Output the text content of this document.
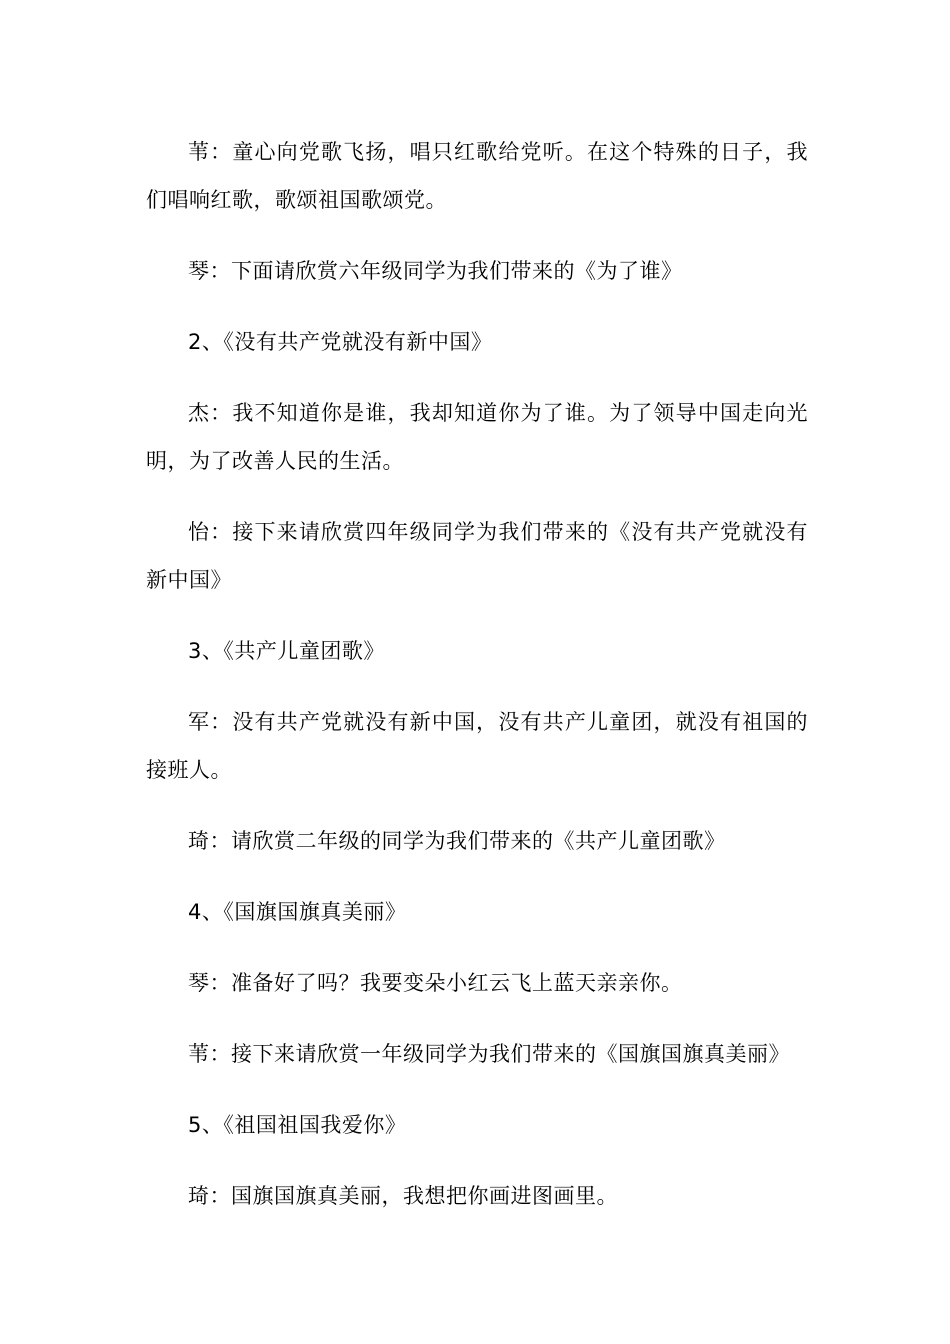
苇：童心向党歌飞扬，唱只红歌给党听。在这个特殊的日子，我们唱响红歌，歌颂祖国歌颂党。

琴：下面请欣赏六年级同学为我们带来的《为了谁》

2、《没有共产党就没有新中国》

杰：我不知道你是谁，我却知道你为了谁。为了领导中国走向光明，为了改善人民的生活。

怡：接下来请欣赏四年级同学为我们带来的《没有共产党就没有新中国》

3、《共产儿童团歌》

军：没有共产党就没有新中国，没有共产儿童团，就没有祖国的接班人。

琦：请欣赏二年级的同学为我们带来的《共产儿童团歌》

4、《国旗国旗真美丽》

琴：准备好了吗？我要变朵小红云飞上蓝天亲亲你。

苇：接下来请欣赏一年级同学为我们带来的《国旗国旗真美丽》

5、《祖国祖国我爱你》

琦：国旗国旗真美丽，我想把你画进图画里。
